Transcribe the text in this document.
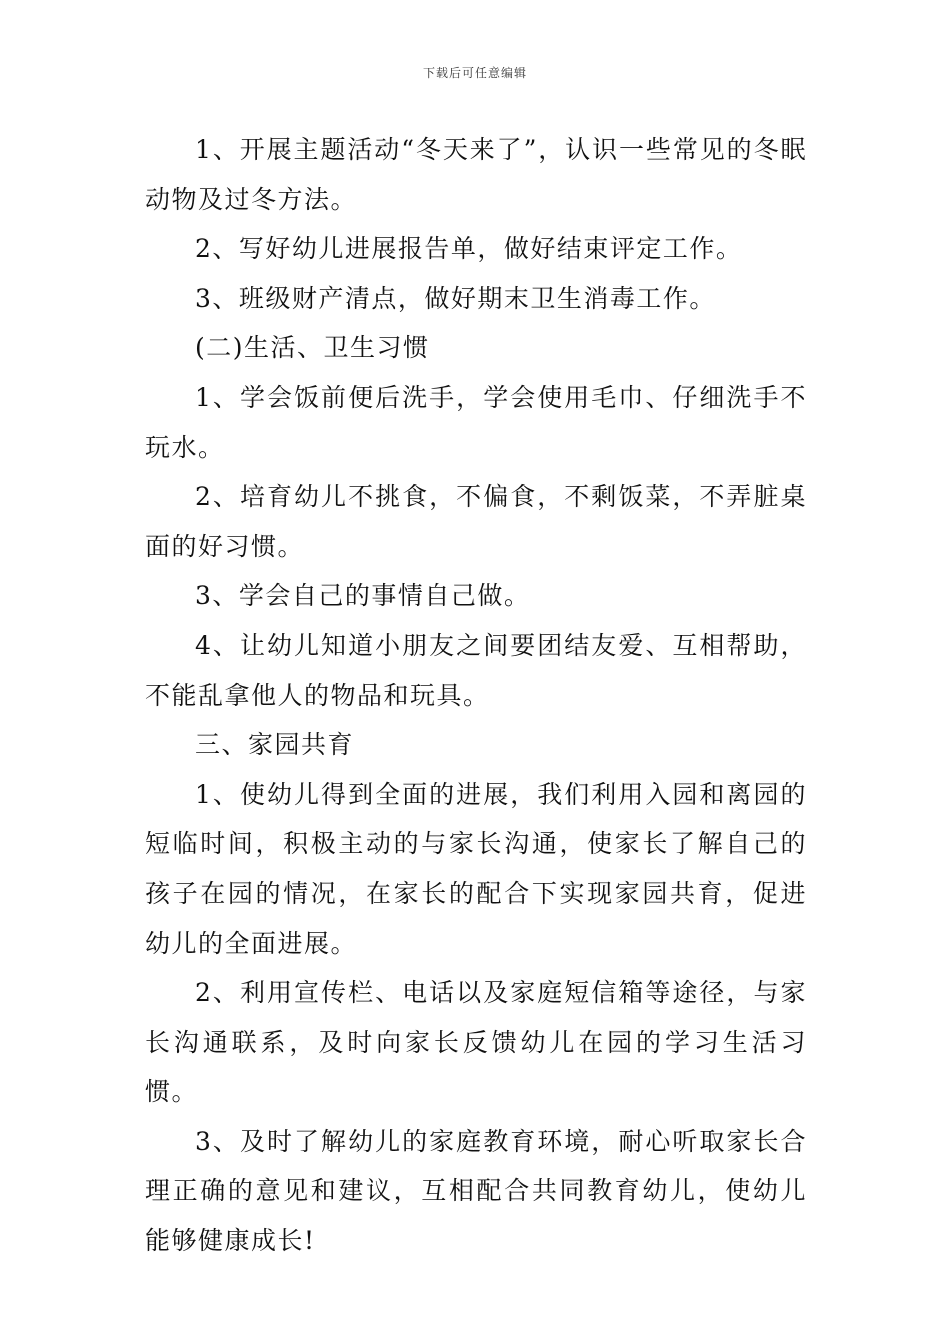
下载后可任意编辑

1、开展主题活动“冬天来了”，认识一些常见的冬眠动物及过冬方法。

2、写好幼儿进展报告单，做好结束评定工作。

3、班级财产清点，做好期末卫生消毒工作。

(二)生活、卫生习惯

1、学会饭前便后洗手，学会使用毛巾、仔细洗手不玩水。

2、培育幼儿不挑食，不偏食，不剩饭菜，不弄脏桌面的好习惯。

3、学会自己的事情自己做。

4、让幼儿知道小朋友之间要团结友爱、互相帮助，不能乱拿他人的物品和玩具。

三、家园共育

1、使幼儿得到全面的进展，我们利用入园和离园的短临时间，积极主动的与家长沟通，使家长了解自己的孩子在园的情况，在家长的配合下实现家园共育，促进幼儿的全面进展。

2、利用宣传栏、电话以及家庭短信箱等途径，与家长沟通联系，及时向家长反馈幼儿在园的学习生活习惯。

3、及时了解幼儿的家庭教育环境，耐心听取家长合理正确的意见和建议，互相配合共同教育幼儿，使幼儿能够健康成长!
